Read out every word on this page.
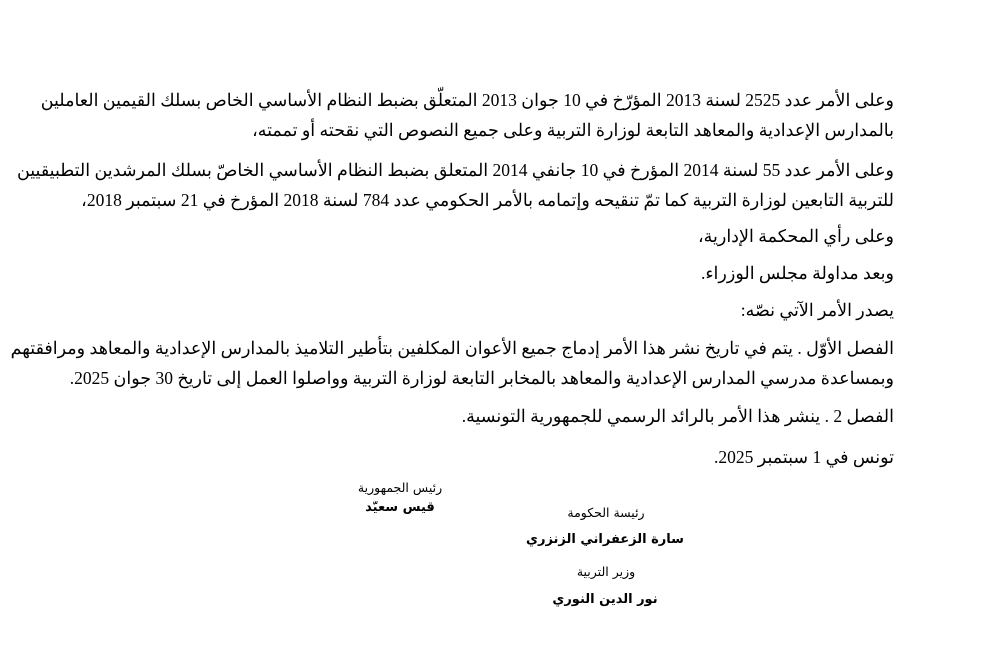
وعلى الأمر عدد 2525 لسنة 2013 المؤرّخ في 10 جوان 2013 المتعلّق بضبط النظام الأساسي الخاص بسلك القيمين العاملين
بالمدارس الإعدادية والمعاهد التابعة لوزارة التربية وعلى جميع النصوص التي نقحته أو تممته،

وعلى الأمر عدد 55 لسنة 2014 المؤرخ في 10 جانفي 2014 المتعلق بضبط النظام الأساسي الخاصّ بسلك المرشدين التطبيقيين
للتربية التابعين لوزارة التربية كما تمّ تنقيحه وإتمامه بالأمر الحكومي عدد 784 لسنة 2018 المؤرخ في 21 سبتمبر 2018،

وعلى رأي المحكمة الإدارية،

وبعد مداولة مجلس الوزراء.

يصدر الأمر الآتي نصّه:

الفصل الأوّل . يتم في تاريخ نشر هذا الأمر إدماج جميع الأعوان المكلفين بتأطير التلاميذ بالمدارس الإعدادية والمعاهد ومرافقتهم
وبمساعدة مدرسي المدارس الإعدادية والمعاهد بالمخابر التابعة لوزارة التربية وواصلوا العمل إلى تاريخ 30 جوان 2025.

الفصل 2 . ينشر هذا الأمر بالرائد الرسمي للجمهورية التونسية.

تونس في 1 سبتمبر 2025.

رئيس الجمهورية
قيس سعيّد	رئيسة الحكومة
سارة الزعفراني الزنزري
وزير التربية
نور الدين النوري
